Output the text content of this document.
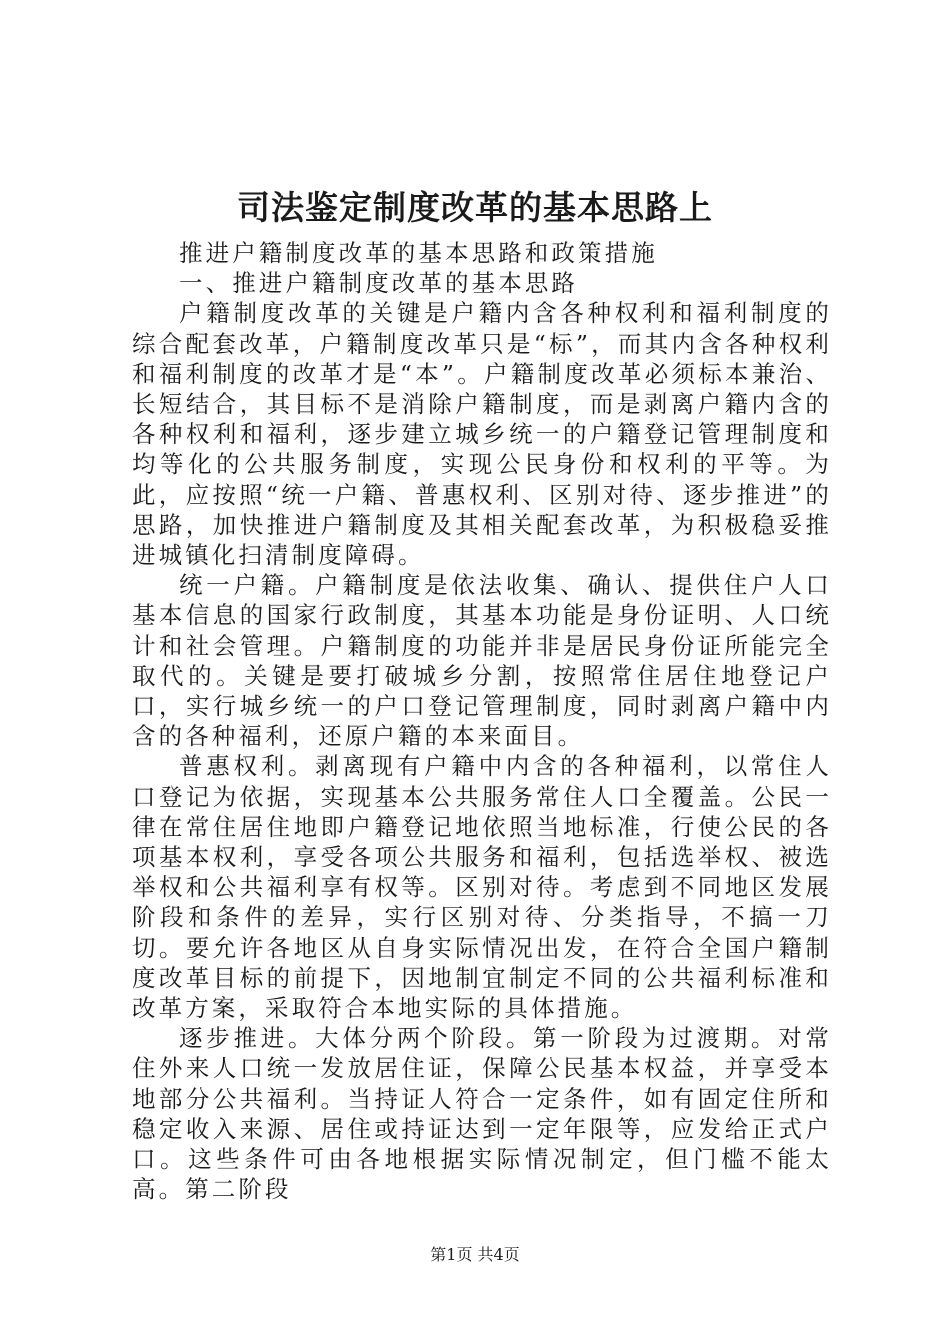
司法鉴定制度改革的基本思路上

推进户籍制度改革的基本思路和政策措施

一、推进户籍制度改革的基本思路

户籍制度改革的关键是户籍内含各种权利和福利制度的综合配套改革，户籍制度改革只是“标”，而其内含各种权利和福利制度的改革才是“本”。户籍制度改革必须标本兼治、长短结合，其目标不是消除户籍制度，而是剥离户籍内含的各种权利和福利，逐步建立城乡统一的户籍登记管理制度和均等化的公共服务制度，实现公民身份和权利的平等。为此，应按照“统一户籍、普惠权利、区别对待、逐步推进”的思路，加快推进户籍制度及其相关配套改革，为积极稳妥推进城镇化扫清制度障碍。

统一户籍。户籍制度是依法收集、确认、提供住户人口基本信息的国家行政制度，其基本功能是身份证明、人口统计和社会管理。户籍制度的功能并非是居民身份证所能完全取代的。关键是要打破城乡分割，按照常住居住地登记户口，实行城乡统一的户口登记管理制度，同时剥离户籍中内含的各种福利，还原户籍的本来面目。

普惠权利。剥离现有户籍中内含的各种福利，以常住人口登记为依据，实现基本公共服务常住人口全覆盖。公民一律在常住居住地即户籍登记地依照当地标准，行使公民的各项基本权利，享受各项公共服务和福利，包括选举权、被选举权和公共福利享有权等。区别对待。考虑到不同地区发展阶段和条件的差异，实行区别对待、分类指导，不搞一刀切。要允许各地区从自身实际情况出发，在符合全国户籍制度改革目标的前提下，因地制宜制定不同的公共福利标准和改革方案，采取符合本地实际的具体措施。

逐步推进。大体分两个阶段。第一阶段为过渡期。对常住外来人口统一发放居住证，保障公民基本权益，并享受本地部分公共福利。当持证人符合一定条件，如有固定住所和稳定收入来源、居住或持证达到一定年限等，应发给正式户口。这些条件可由各地根据实际情况制定，但门槛不能太高。第二阶段

第1页 共4页
